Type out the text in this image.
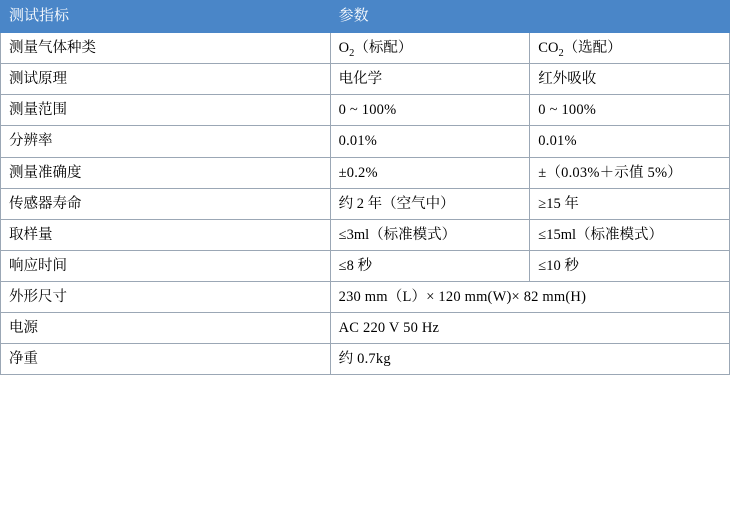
测试指标	参数	
测量气体种类	$O_2$（标配）	$CO_2$（选配）
测试原理	电化学	红外吸收
测量范围	0 ~ 100%	0 ~ 100%
分辨率	0.01%	0.01%
测量准确度	±0.2%	±（0.03%＋示值 5%）
传感器寿命	约 2 年（空气中）	≥15 年
取样量	≤3ml（标准模式）	≤15ml（标准模式）
响应时间	≤8 秒	≤10 秒
外形尺寸	230 mm（L）× 120 mm(W)× 82 mm(H)	
电源	AC 220 V 50 Hz	
净重	约 0.7kg	
